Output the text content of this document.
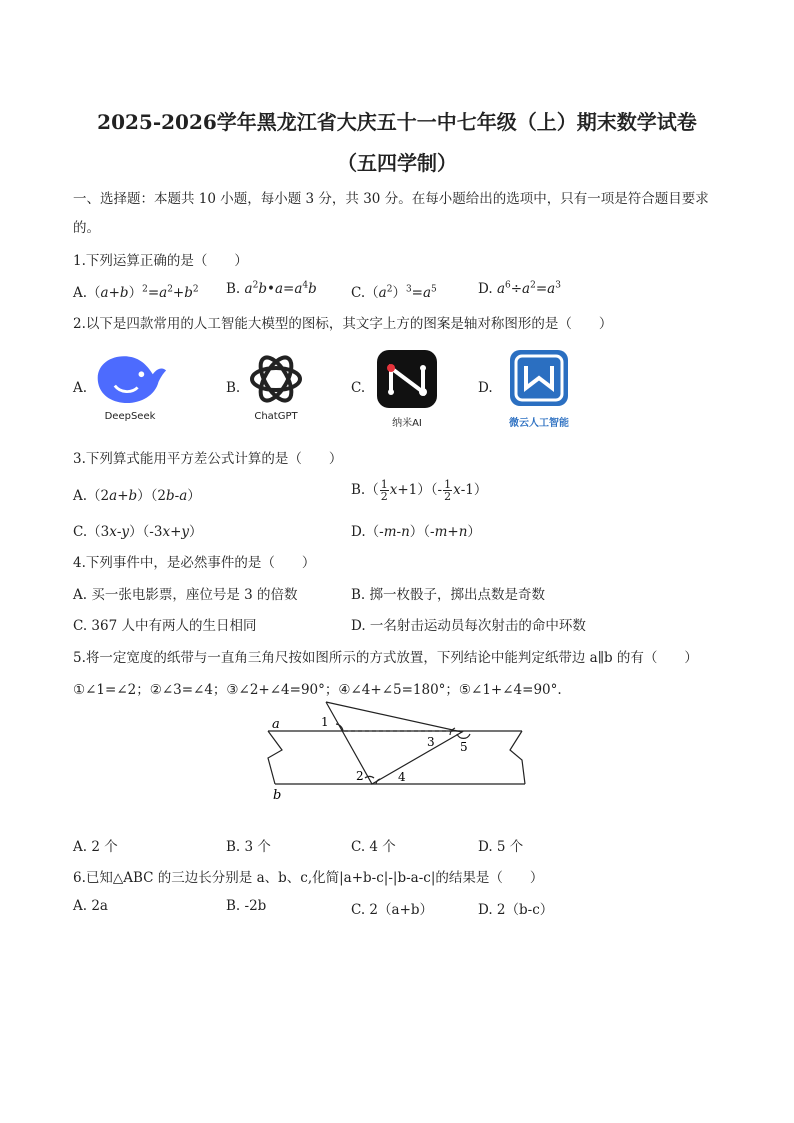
2025-2026学年黑龙江省大庆五十一中七年级（上）期末数学试卷
（五四学制）
一、选择题：本题共 10 小题，每小题 3 分，共 30 分。在每小题给出的选项中，只有一项是符合题目要求
的。
1.下列运算正确的是（　　）
$A.(a+b)^2=a^2+b^2$ B. $a^2b•a=a^4b$	$C.(a^2)^3=a^5$	D. $a^6\div a^2=a^3$
2.以下是四款常用的人工智能大模型的图标，其文字上方的图案是轴对称图形的是（　　）
A.	B.	C.	D.
DeepSeek	ChatGPT
纳米AI	微云人工智能
3.下列算式能用平方差公式计算的是（　　）
A.（2a+b）（2b-a）	$B.( \frac{1}{2} x+1)(- \frac{1}{2} x-1)$
C.（3x-y）（-3x+y）	D.（-m-n）（-m+n）
4.下列事件中，是必然事件的是（　　）
A. 买一张电影票，座位号是 3 的倍数	B. 掷一枚骰子，掷出点数是奇数
C. 367 人中有两人的生日相同	D. 一名射击运动员每次射击的命中环数
5.将一定宽度的纸带与一直角三角尺按如图所示的方式放置，下列结论中能判定纸带边 a∥b 的有（　　）
①∠1=∠2；②∠3=∠4；③∠2+∠4=90°；④∠4+∠5=180°；⑤∠1+∠4=90°.
a
b
1
2
3
4
5
A. 2 个	B. 3 个	C. 4 个	D. 5 个
6.已知△ABC 的三边长分别是 a、b、c,化简|a+b-c|-|b-a-c|的结果是（　　）
A. 2a	B. -2b	C. 2（a+b）	D. 2（b-c）
